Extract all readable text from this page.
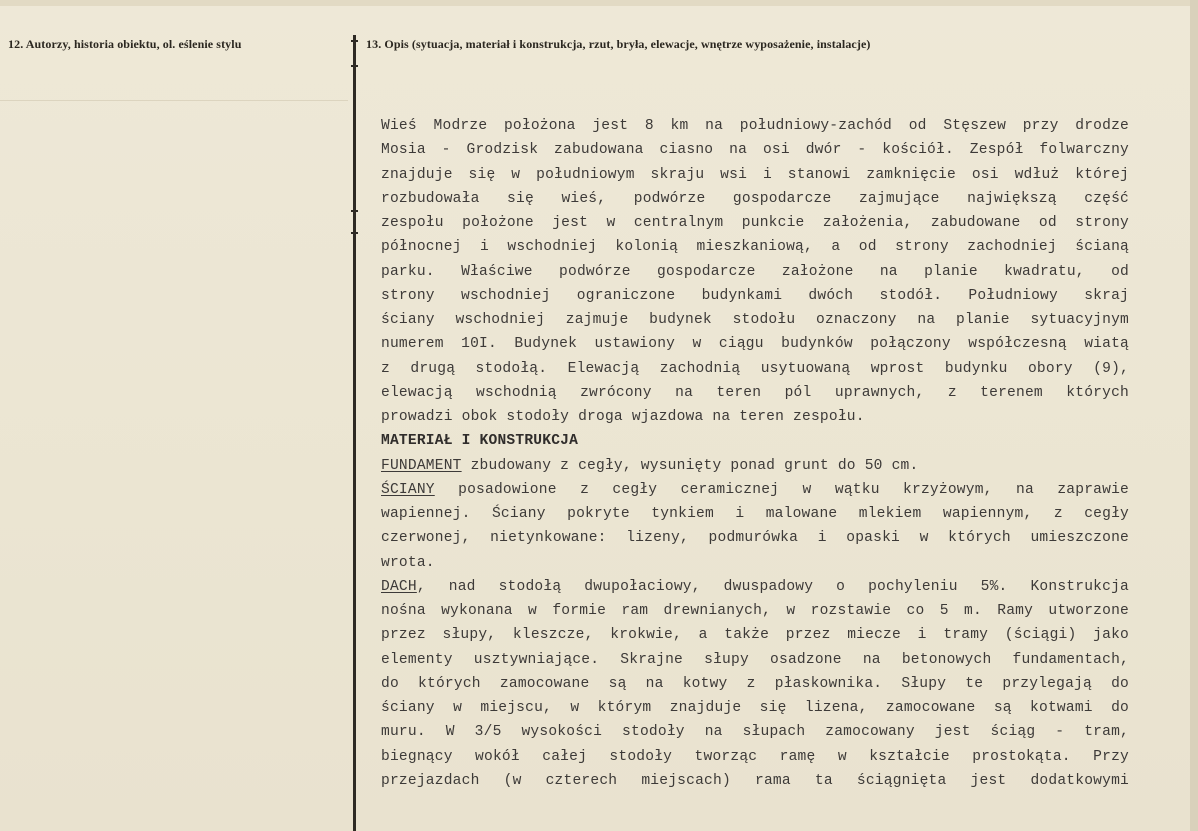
12. Autorzy, historia obiektu, ol. eślenie stylu	13. Opis (sytuacja, materiał i konstrukcja, rzut, bryła, elewacje, wnętrze wyposażenie, instalacje)
Wieś Modrze położona jest 8 km na południowy-zachód od Stęszew przy drodze
Mosia - Grodzisk zabudowana ciasno na osi dwór - kościół. Zespół folwarczny
znajduje się w południowym skraju wsi i stanowi zamknięcie osi wdłuż której
rozbudowała się wieś, podwórze gospodarcze zajmujące największą część
zespołu położone jest w centralnym punkcie założenia, zabudowane od strony
północnej i wschodniej kolonią mieszkaniową, a od strony zachodniej ścianą
parku. Właściwe podwórze gospodarcze założone na planie kwadratu, od
strony wschodniej ograniczone budynkami dwóch stodół. Południowy skraj
ściany wschodniej zajmuje budynek stodołu oznaczony na planie sytuacyjnym
numerem 10I. Budynek ustawiony w ciągu budynków połączony współczesną wiatą
z drugą stodołą. Elewacją zachodnią usytuowaną wprost budynku obory (9),
elewacją wschodnią zwrócony na teren pól uprawnych, z terenem których
prowadzi obok stodoły droga wjazdowa na teren zespołu.
MATERIAŁ I KONSTRUKCJA
FUNDAMENT zbudowany z cegły, wysunięty ponad grunt do 50 cm.
ŚCIANY posadowione z cegły ceramicznej w wątku krzyżowym, na zaprawie
wapiennej. Ściany pokryte tynkiem i malowane mlekiem wapiennym, z cegły
czerwonej, nietynkowane: lizeny, podmurówka i opaski w których umieszczone
wrota.
DACH, nad stodołą dwupołaciowy, dwuspadowy o pochyleniu 5%. Konstrukcja
nośna wykonana w formie ram drewnianych, w rozstawie co 5 m. Ramy utworzone
przez słupy, kleszcze, krokwie, a także przez miecze i tramy (ściągi) jako
elementy usztywniające. Skrajne słupy osadzone na betonowych fundamentach,
do których zamocowane są na kotwy z płaskownika. Słupy te przylegają do
ściany w miejscu, w którym znajduje się lizena, zamocowane są kotwami do
muru. W 3/5 wysokości stodoły na słupach zamocowany jest ściąg - tram,
biegnący wokół całej stodoły tworząc ramę w kształcie prostokąta. Przy
przejazdach (w czterech miejscach) rama ta ściągnięta jest dodatkowymi
